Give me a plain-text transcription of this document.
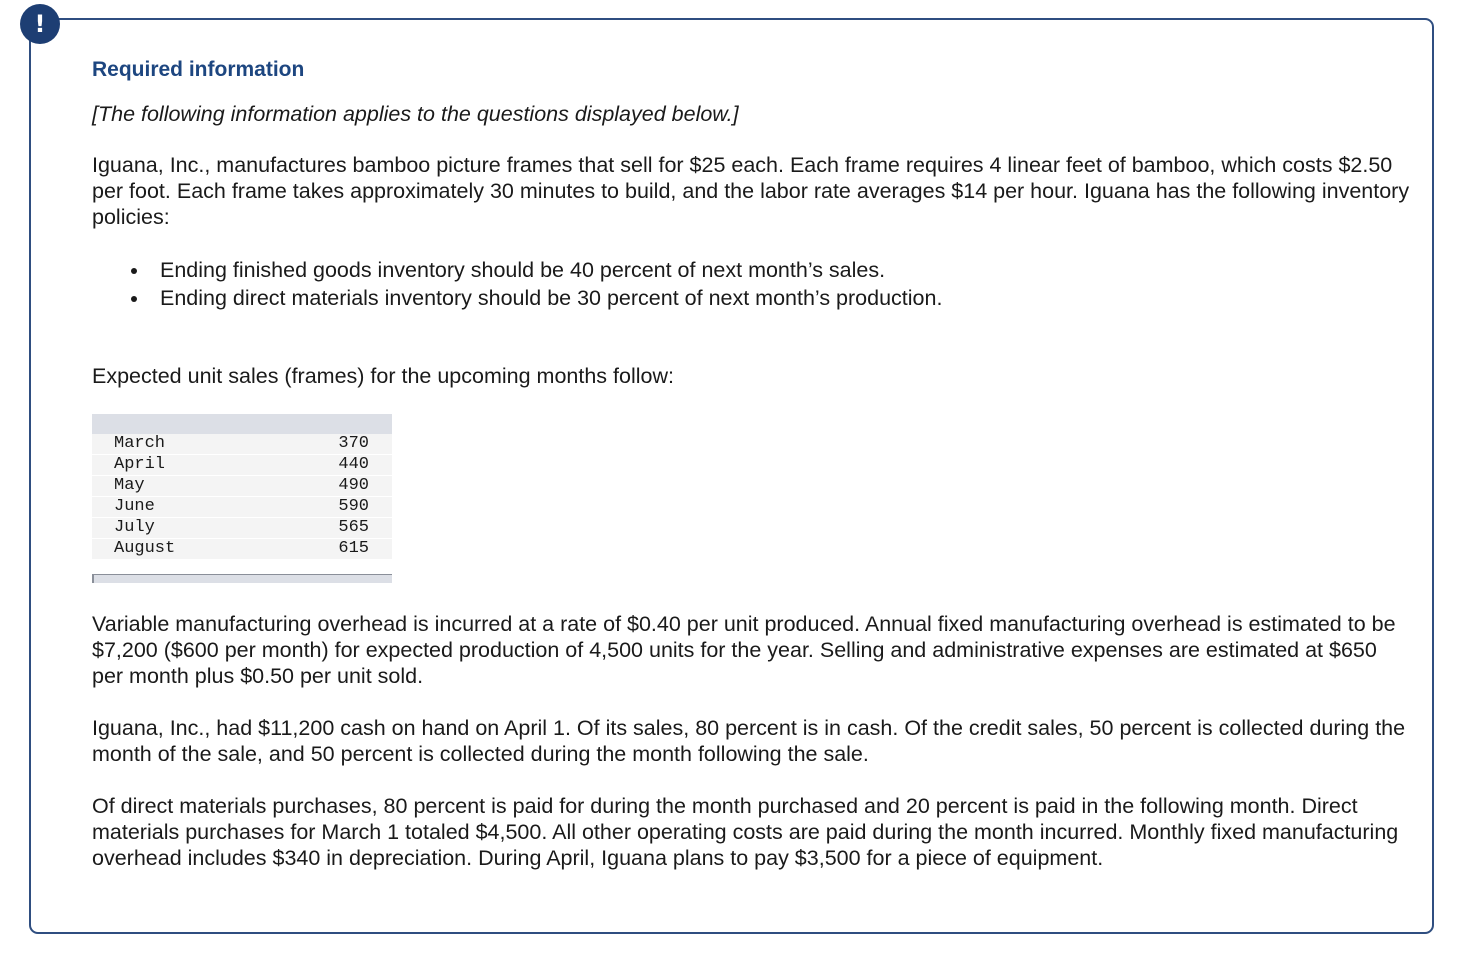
!

Required information

[The following information applies to the questions displayed below.]

Iguana, Inc., manufactures bamboo picture frames that sell for $25 each. Each frame requires 4 linear feet of bamboo, which costs $2.50 per foot. Each frame takes approximately 30 minutes to build, and the labor rate averages $14 per hour. Iguana has the following inventory policies:

Ending finished goods inventory should be 40 percent of next month’s sales.
Ending direct materials inventory should be 30 percent of next month’s production.

Expected unit sales (frames) for the upcoming months follow:

March	370
April	440
May	490
June	590
July	565
August	615

Variable manufacturing overhead is incurred at a rate of $0.40 per unit produced. Annual fixed manufacturing overhead is estimated to be $7,200 ($600 per month) for expected production of 4,500 units for the year. Selling and administrative expenses are estimated at $650 per month plus $0.50 per unit sold.

Iguana, Inc., had $11,200 cash on hand on April 1. Of its sales, 80 percent is in cash. Of the credit sales, 50 percent is collected during the month of the sale, and 50 percent is collected during the month following the sale.

Of direct materials purchases, 80 percent is paid for during the month purchased and 20 percent is paid in the following month. Direct materials purchases for March 1 totaled $4,500. All other operating costs are paid during the month incurred. Monthly fixed manufacturing overhead includes $340 in depreciation. During April, Iguana plans to pay $3,500 for a piece of equipment.
